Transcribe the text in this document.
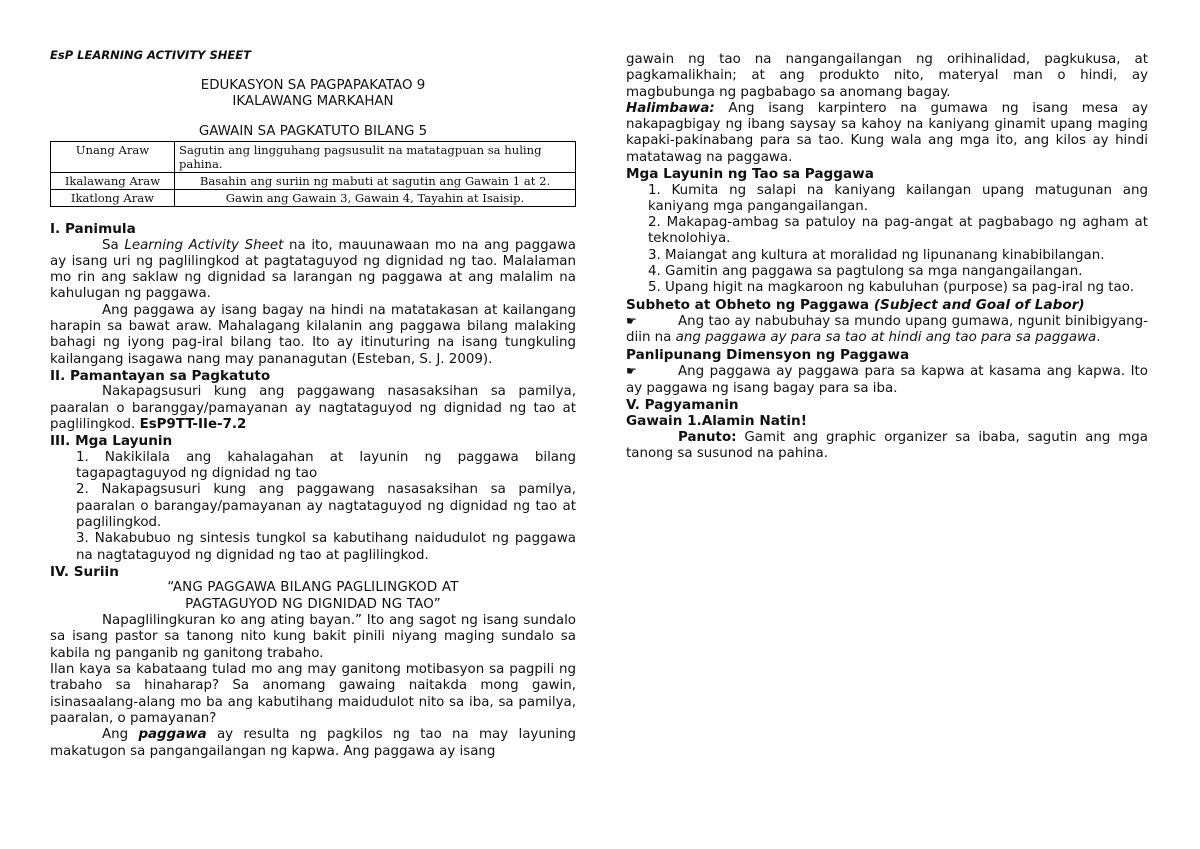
EsP LEARNING ACTIVITY SHEET
EDUKASYON SA PAGPAPAKATAO 9
IKALAWANG MARKAHAN
GAWAIN SA PAGKATUTO BILANG 5
Unang Araw	Sagutin ang lingguhang pagsusulit na matatagpuan sa huling pahina.
Ikalawang Araw	Basahin ang suriin ng mabuti at sagutin ang Gawain 1 at 2.
Ikatlong Araw	Gawin ang Gawain 3, Gawain 4, Tayahin at Isaisip.
I. Panimula

Sa Learning Activity Sheet na ito, mauunawaan mo na ang paggawa ay isang uri ng paglilingkod at pagtataguyod ng dignidad ng tao. Malalaman mo rin ang saklaw ng dignidad sa larangan ng paggawa at ang malalim na kahulugan ng paggawa.

Ang paggawa ay isang bagay na hindi na matatakasan at kailangang harapin sa bawat araw. Mahalagang kilalanin ang paggawa bilang malaking bahagi ng iyong pag-iral bilang tao. Ito ay itinuturing na isang tungkuling kailangang isagawa nang may pananagutan (Esteban, S. J. 2009).

II. Pamantayan sa Pagkatuto

Nakapagsusuri kung ang paggawang nasasaksihan sa pamilya, paaralan o baranggay/pamayanan ay nagtataguyod ng dignidad ng tao at paglilingkod. EsP9TT-IIe-7.2

III. Mga Layunin
1. Nakikilala ang kahalagahan at layunin ng paggawa bilang tagapagtaguyod ng dignidad ng tao
2. Nakapagsusuri kung ang paggawang nasasaksihan sa pamilya, paaralan o barangay/pamayanan ay nagtataguyod ng dignidad ng tao at paglilingkod.
3. Nakabubuo ng sintesis tungkol sa kabutihang naidudulot ng paggawa na nagtataguyod ng dignidad ng tao at paglilingkod.
IV. Suriin
“ANG PAGGAWA BILANG PAGLILINGKOD AT
PAGTAGUYOD NG DIGNIDAD NG TAO”

Napaglilingkuran ko ang ating bayan.” Ito ang sagot ng isang sundalo sa isang pastor sa tanong nito kung bakit pinili niyang maging sundalo sa kabila ng panganib ng ganitong trabaho.

Ilan kaya sa kabataang tulad mo ang may ganitong motibasyon sa pagpili ng trabaho sa hinaharap? Sa anomang gawaing naitakda mong gawin, isinasaalang-alang mo ba ang kabutihang maidudulot nito sa iba, sa pamilya, paaralan, o pamayanan?

Ang paggawa ay resulta ng pagkilos ng tao na may layuning makatugon sa pangangailangan ng kapwa. Ang paggawa ay isang

gawain ng tao na nangangailangan ng orihinalidad, pagkukusa, at pagkamalikhain; at ang produkto nito, materyal man o hindi, ay magbubunga ng pagbabago sa anomang bagay.

Halimbawa: Ang isang karpintero na gumawa ng isang mesa ay nakapagbigay ng ibang saysay sa kahoy na kaniyang ginamit upang maging kapaki-pakinabang para sa tao. Kung wala ang mga ito, ang kilos ay hindi matatawag na paggawa.

Mga Layunin ng Tao sa Paggawa
1. Kumita ng salapi na kaniyang kailangan upang matugunan ang kaniyang mga pangangailangan.
2. Makapag-ambag sa patuloy na pag-angat at pagbabago ng agham at teknolohiya.
3. Maiangat ang kultura at moralidad ng lipunanang kinabibilangan.
4. Gamitin ang paggawa sa pagtulong sa mga nangangailangan.
5. Upang higit na magkaroon ng kabuluhan (purpose) sa pag-iral ng tao.
Subheto at Obheto ng Paggawa (Subject and Goal of Labor)

☛	Ang tao ay nabubuhay sa mundo upang gumawa, ngunit binibigyang-diin na ang paggawa ay para sa tao at hindi ang tao para sa paggawa.

Panlipunang Dimensyon ng Paggawa

☛	Ang paggawa ay paggawa para sa kapwa at kasama ang kapwa. Ito ay paggawa ng isang bagay para sa iba.

V. Pagyamanin
Gawain 1.Alamin Natin!

Panuto: Gamit ang graphic organizer sa ibaba, sagutin ang mga tanong sa susunod na pahina.
